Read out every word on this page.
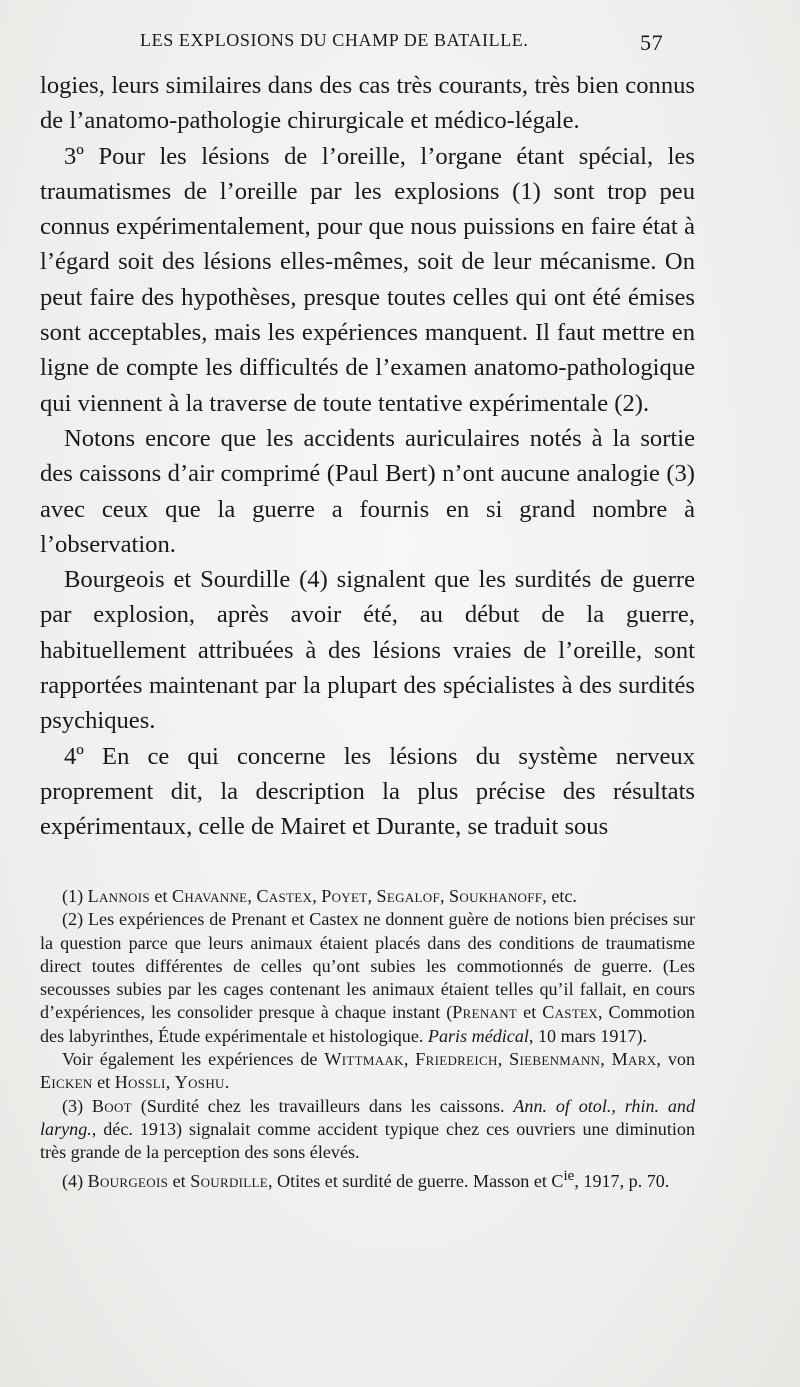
LES EXPLOSIONS DU CHAMP DE BATAILLE.	57

logies, leurs similaires dans des cas très courants, très bien connus de l’anatomo-pathologie chirurgicale et médico-légale.

3º Pour les lésions de l’oreille, l’organe étant spécial, les traumatismes de l’oreille par les explosions (1) sont trop peu connus expérimentalement, pour que nous puissions en faire état à l’égard soit des lésions elles-mêmes, soit de leur mécanisme. On peut faire des hypothèses, presque toutes celles qui ont été émises sont acceptables, mais les expériences manquent. Il faut mettre en ligne de compte les difficultés de l’examen anatomo-pathologique qui viennent à la traverse de toute tentative expérimentale (2).

Notons encore que les accidents auriculaires notés à la sortie des caissons d’air comprimé (Paul Bert) n’ont aucune analogie (3) avec ceux que la guerre a fournis en si grand nombre à l’observation.

Bourgeois et Sourdille (4) signalent que les surdités de guerre par explosion, après avoir été, au début de la guerre, habituellement attribuées à des lésions vraies de l’oreille, sont rapportées maintenant par la plupart des spécialistes à des surdités psychiques.

4º En ce qui concerne les lésions du système nerveux proprement dit, la description la plus précise des résultats expérimentaux, celle de Mairet et Durante, se traduit sous

(1) Lannois et Chavanne, Castex, Poyet, Segalof, Soukhanoff, etc.

(2) Les expériences de Prenant et Castex ne donnent guère de notions bien précises sur la question parce que leurs animaux étaient placés dans des conditions de traumatisme direct toutes différentes de celles qu’ont subies les commotionnés de guerre. (Les secousses subies par les cages contenant les animaux étaient telles qu’il fallait, en cours d’expériences, les consolider presque à chaque instant (Prenant et Castex, Commotion des labyrinthes, Étude expérimentale et histologique. Paris médical, 10 mars 1917).

Voir également les expériences de Wittmaak, Friedreich, Siebenmann, Marx, von Eicken et Hossli, Yoshu.

(3) Boot (Surdité chez les travailleurs dans les caissons. Ann. of otol., rhin. and laryng., déc. 1913) signalait comme accident typique chez ces ouvriers une diminution très grande de la perception des sons élevés.

(4) Bourgeois et Sourdille, Otites et surdité de guerre. Masson et $C^{ie}$, 1917, p. 70.
